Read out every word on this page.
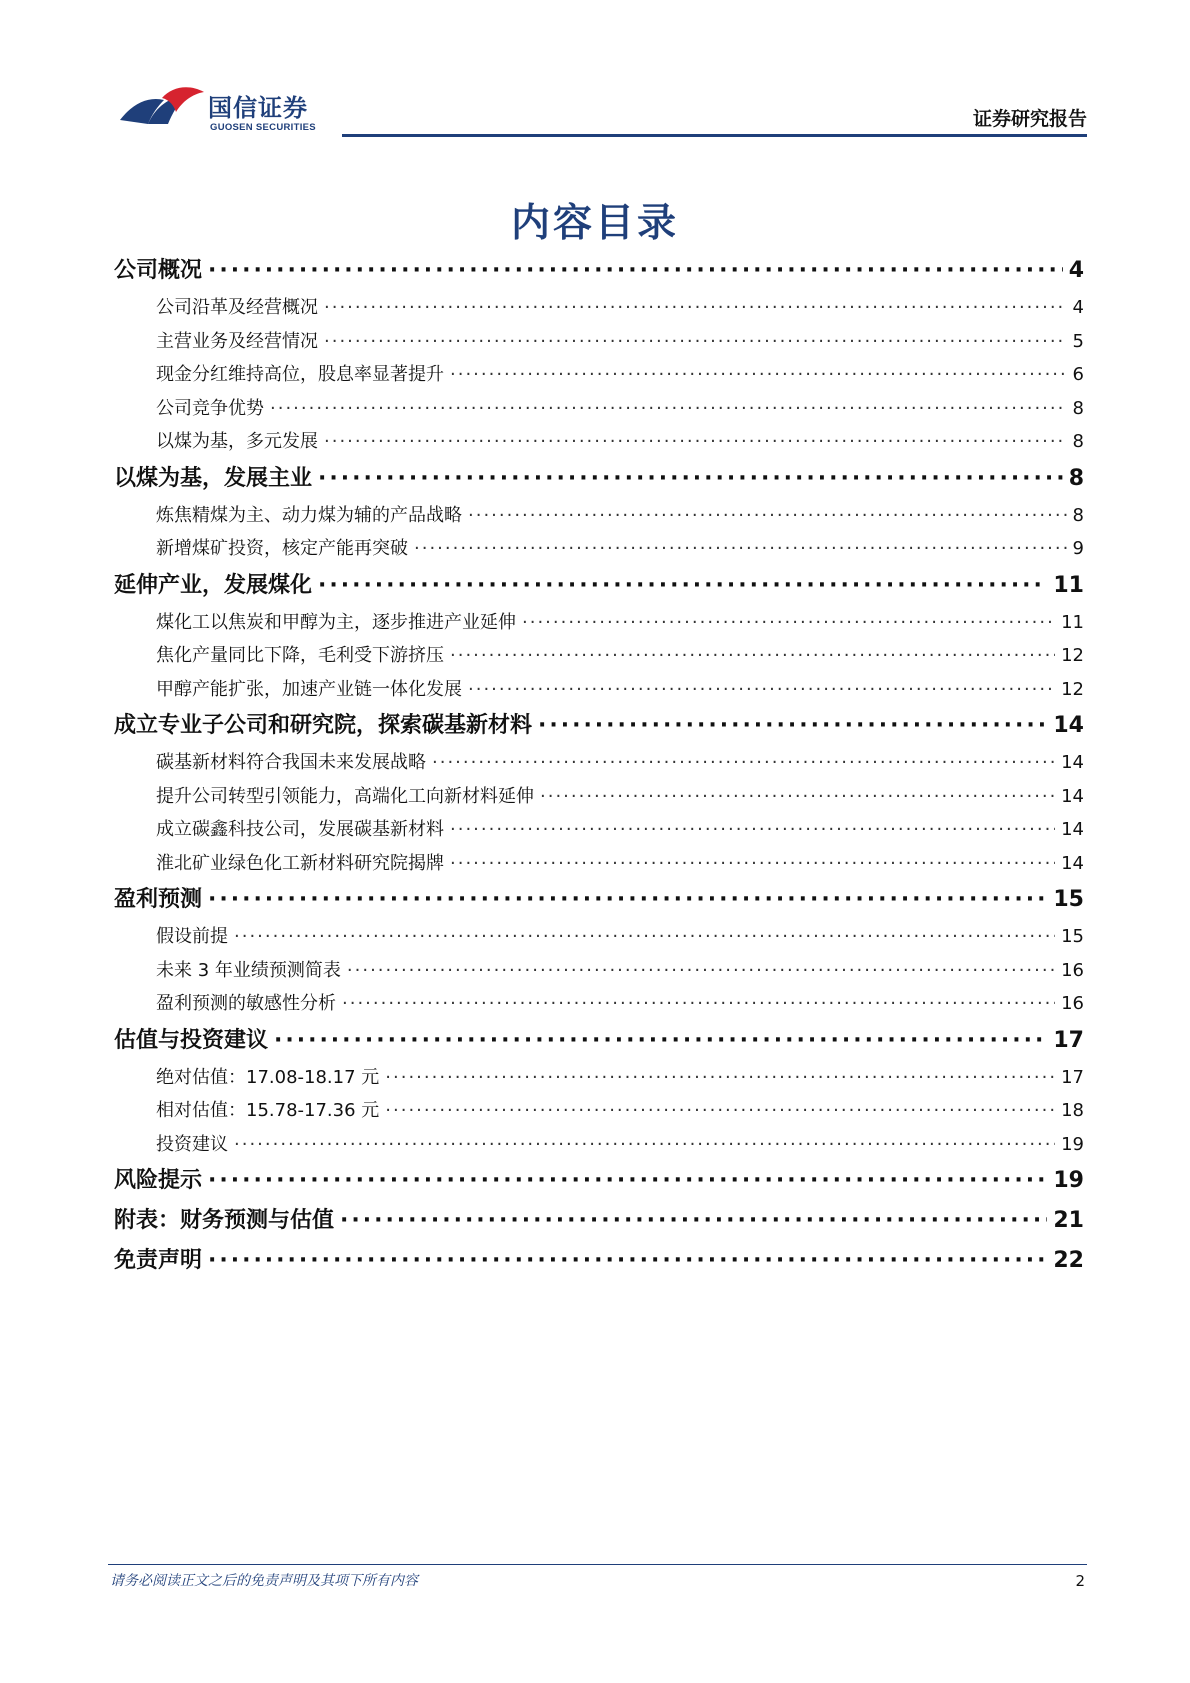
国信证券
GUOSEN SECURITIES	证券研究报告
内容目录
公司概况 ·····	4
公司沿革及经营概况 ·····	4
主营业务及经营情况 ·····	5
现金分红维持高位，股息率显著提升 ·····	6
公司竞争优势 ·····	8
以煤为基，多元发展 ·····	8
以煤为基，发展主业 ·····	8
炼焦精煤为主、动力煤为辅的产品战略 ·····	8
新增煤矿投资，核定产能再突破 ·····	9
延伸产业，发展煤化 ·····	11
煤化工以焦炭和甲醇为主，逐步推进产业延伸 ·····	11
焦化产量同比下降，毛利受下游挤压 ·····	12
甲醇产能扩张，加速产业链一体化发展 ·····	12
成立专业子公司和研究院，探索碳基新材料 ·····	14
碳基新材料符合我国未来发展战略 ·····	14
提升公司转型引领能力，高端化工向新材料延伸 ·····	14
成立碳鑫科技公司，发展碳基新材料 ·····	14
淮北矿业绿色化工新材料研究院揭牌 ·····	14
盈利预测 ·····	15
假设前提 ·····	15
未来 3 年业绩预测简表 ·····	16
盈利预测的敏感性分析 ·····	16
估值与投资建议 ·····	17
绝对估值：17.08-18.17 元 ·····	17
相对估值：15.78-17.36 元 ·····	18
投资建议 ·····	19
风险提示 ·····	19
附表：财务预测与估值 ·····	21
免责声明 ·····	22
请务必阅读正文之后的免责声明及其项下所有内容	2
